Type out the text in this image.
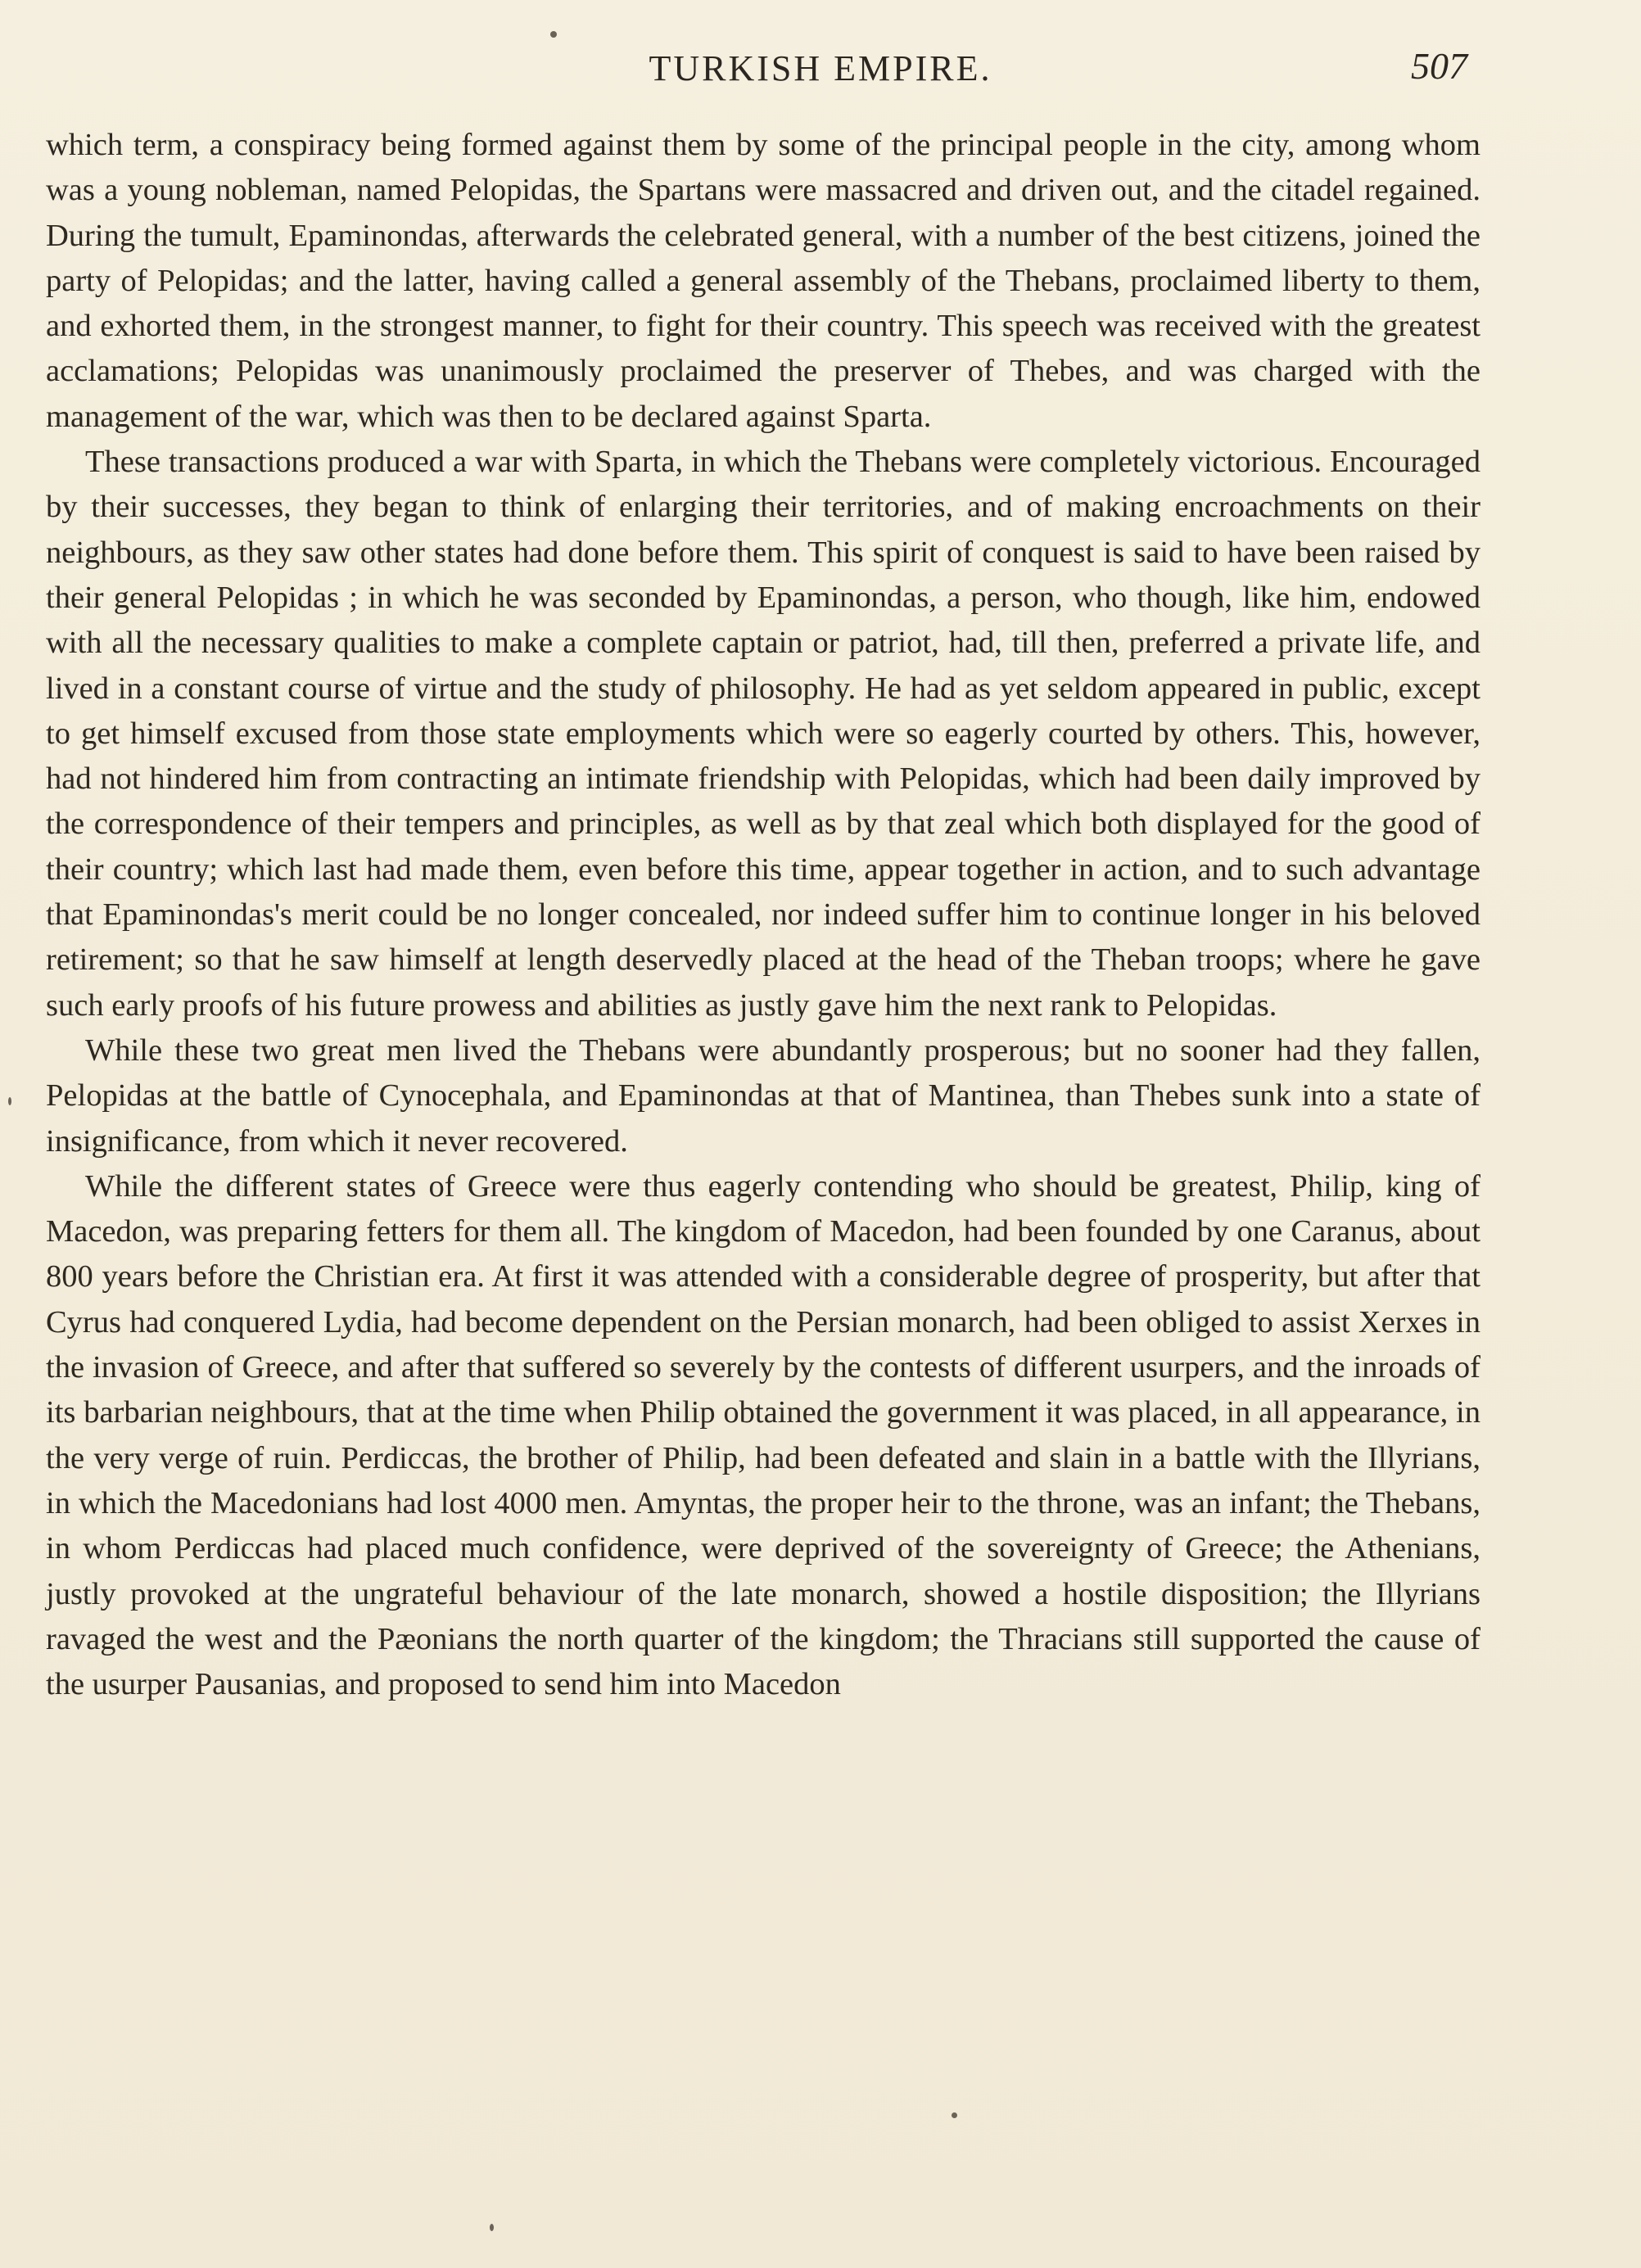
TURKISH EMPIRE.	507

which term, a conspiracy being formed against them by some of the principal people in the city, among whom was a young nobleman, named Pelopidas, the Spartans were massacred and driven out, and the citadel regained. During the tumult, Epaminondas, afterwards the celebrated general, with a number of the best citizens, joined the party of Pelopidas; and the latter, having called a general assembly of the Thebans, proclaimed liberty to them, and exhorted them, in the strongest manner, to fight for their country. This speech was received with the greatest acclamations; Pelopidas was unanimously proclaimed the preserver of Thebes, and was charged with the management of the war, which was then to be declared against Sparta.

These transactions produced a war with Sparta, in which the Thebans were completely victorious. Encouraged by their successes, they began to think of enlarging their territories, and of making encroachments on their neighbours, as they saw other states had done before them. This spirit of conquest is said to have been raised by their general Pelopidas ; in which he was seconded by Epaminondas, a person, who though, like him, endowed with all the necessary qualities to make a complete captain or patriot, had, till then, preferred a private life, and lived in a constant course of virtue and the study of philosophy. He had as yet seldom appeared in public, except to get himself excused from those state employments which were so eagerly courted by others. This, however, had not hindered him from contracting an intimate friendship with Pelopidas, which had been daily improved by the correspondence of their tempers and principles, as well as by that zeal which both displayed for the good of their country; which last had made them, even before this time, appear together in action, and to such advantage that Epaminondas's merit could be no longer concealed, nor indeed suffer him to continue longer in his beloved retirement; so that he saw himself at length deservedly placed at the head of the Theban troops; where he gave such early proofs of his future prowess and abilities as justly gave him the next rank to Pelopidas.

While these two great men lived the Thebans were abundantly prosperous; but no sooner had they fallen, Pelopidas at the battle of Cynocephala, and Epaminondas at that of Mantinea, than Thebes sunk into a state of insignificance, from which it never recovered.

While the different states of Greece were thus eagerly contending who should be greatest, Philip, king of Macedon, was preparing fetters for them all. The kingdom of Macedon, had been founded by one Caranus, about 800 years before the Christian era. At first it was attended with a considerable degree of prosperity, but after that Cyrus had conquered Lydia, had become dependent on the Persian monarch, had been obliged to assist Xerxes in the invasion of Greece, and after that suffered so severely by the contests of different usurpers, and the inroads of its barbarian neighbours, that at the time when Philip obtained the government it was placed, in all appearance, in the very verge of ruin. Perdiccas, the brother of Philip, had been defeated and slain in a battle with the Illyrians, in which the Macedonians had lost 4000 men. Amyntas, the proper heir to the throne, was an infant; the Thebans, in whom Perdiccas had placed much confidence, were deprived of the sovereignty of Greece; the Athenians, justly provoked at the ungrateful behaviour of the late monarch, showed a hostile disposition; the Illyrians ravaged the west and the Pæonians the north quarter of the kingdom; the Thracians still supported the cause of the usurper Pausanias, and proposed to send him into Macedon
